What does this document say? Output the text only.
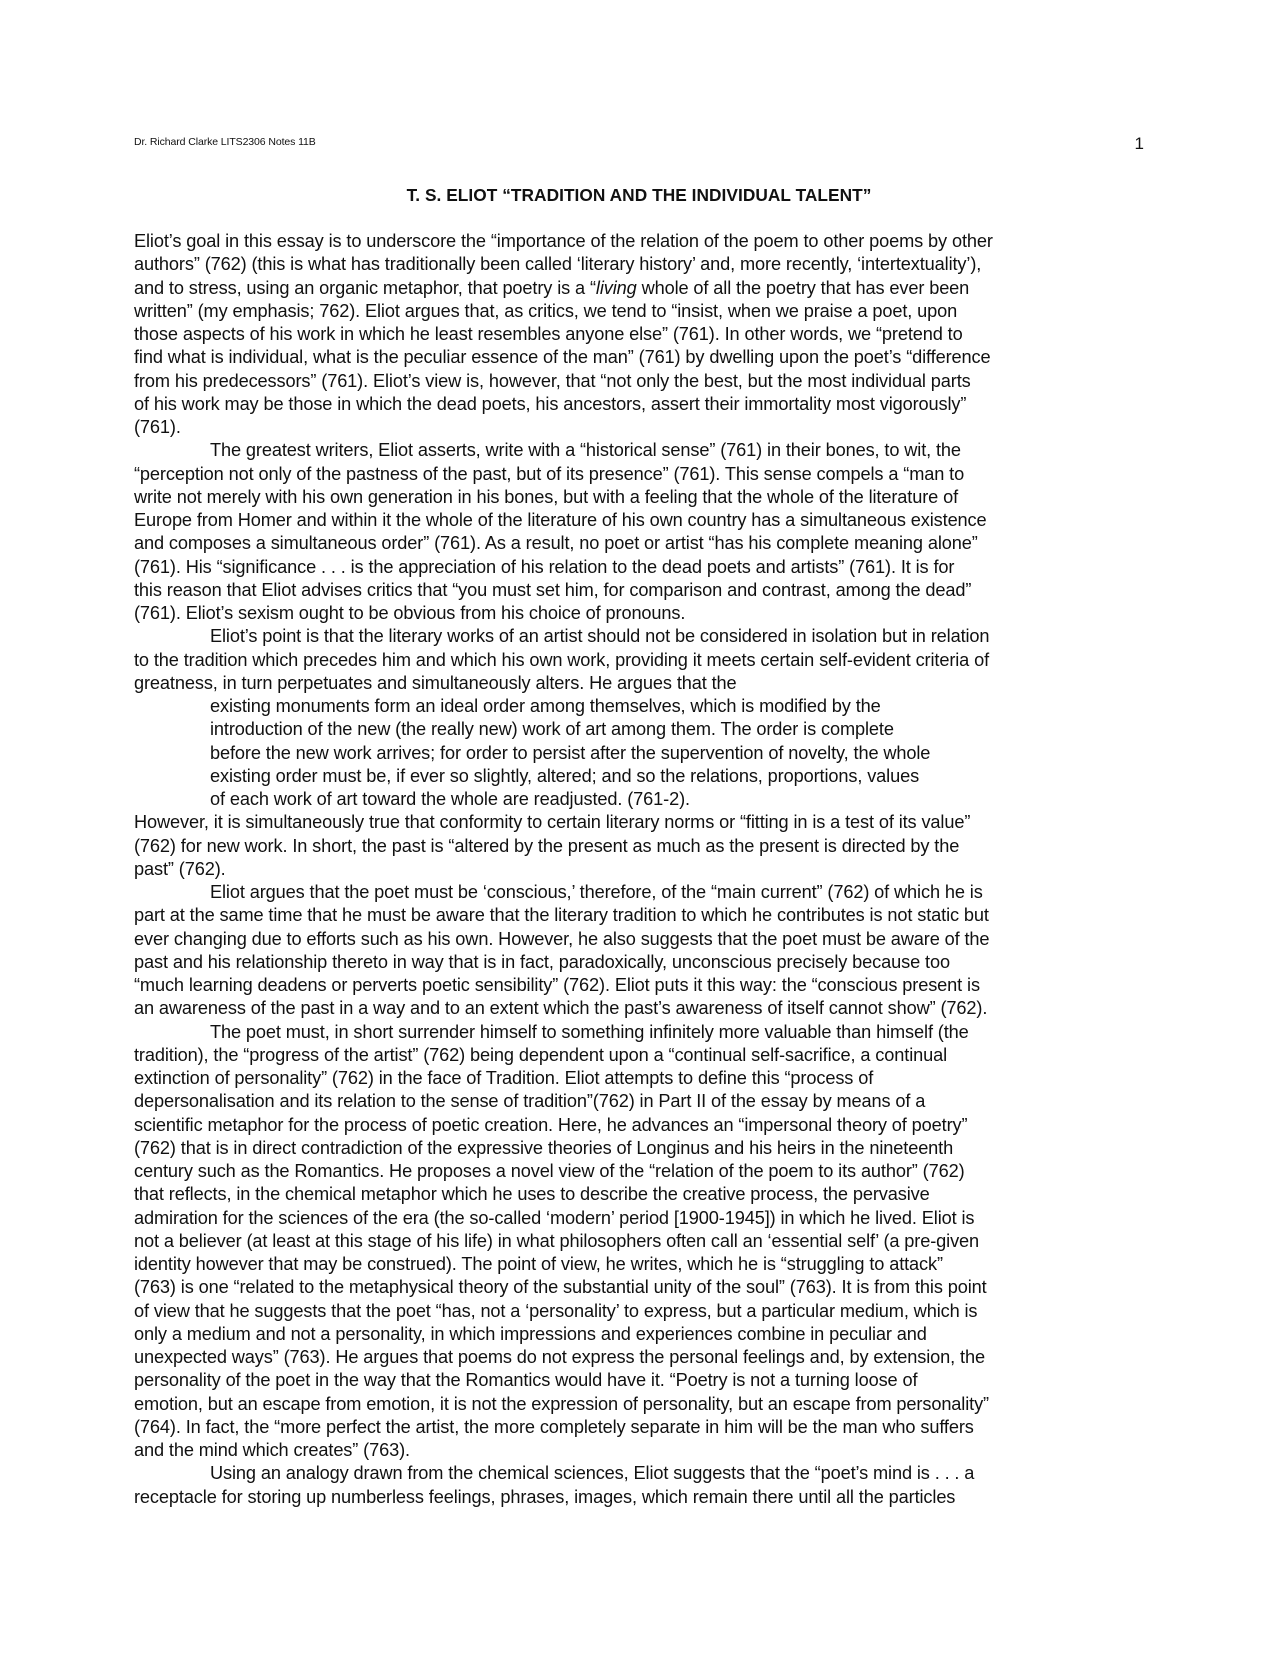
Dr. Richard Clarke LITS2306 Notes 11B	1
T. S. ELIOT “TRADITION AND THE INDIVIDUAL TALENT”
Eliot’s goal in this essay is to underscore the “importance of the relation of the poem to other poems by other
authors” (762) (this is what has traditionally been called ‘literary history’ and, more recently, ‘intertextuality’),
and to stress, using an organic metaphor, that poetry is a “living whole of all the poetry that has ever been
written” (my emphasis; 762). Eliot argues that, as critics, we tend to “insist, when we praise a poet, upon
those aspects of his work in which he least resembles anyone else” (761). In other words, we “pretend to
find what is individual, what is the peculiar essence of the man” (761) by dwelling upon the poet’s “difference
from his predecessors” (761). Eliot’s view is, however, that “not only the best, but the most individual parts
of his work may be those in which the dead poets, his ancestors, assert their immortality most vigorously”
(761).
The greatest writers, Eliot asserts, write with a “historical sense” (761) in their bones, to wit, the
“perception not only of the pastness of the past, but of its presence” (761). This sense compels a “man to
write not merely with his own generation in his bones, but with a feeling that the whole of the literature of
Europe from Homer and within it the whole of the literature of his own country has a simultaneous existence
and composes a simultaneous order” (761). As a result, no poet or artist “has his complete meaning alone”
(761). His “significance . . . is the appreciation of his relation to the dead poets and artists” (761). It is for
this reason that Eliot advises critics that “you must set him, for comparison and contrast, among the dead”
(761). Eliot’s sexism ought to be obvious from his choice of pronouns.
Eliot’s point is that the literary works of an artist should not be considered in isolation but in relation
to the tradition which precedes him and which his own work, providing it meets certain self-evident criteria of
greatness, in turn perpetuates and simultaneously alters. He argues that the
existing monuments form an ideal order among themselves, which is modified by the
introduction of the new (the really new) work of art among them. The order is complete
before the new work arrives; for order to persist after the supervention of novelty, the whole
existing order must be, if ever so slightly, altered; and so the relations, proportions, values
of each work of art toward the whole are readjusted. (761-2).
However, it is simultaneously true that conformity to certain literary norms or “fitting in is a test of its value”
(762) for new work. In short, the past is “altered by the present as much as the present is directed by the
past” (762).
Eliot argues that the poet must be ‘conscious,’ therefore, of the “main current” (762) of which he is
part at the same time that he must be aware that the literary tradition to which he contributes is not static but
ever changing due to efforts such as his own. However, he also suggests that the poet must be aware of the
past and his relationship thereto in way that is in fact, paradoxically, unconscious precisely because too
“much learning deadens or perverts poetic sensibility” (762). Eliot puts it this way: the “conscious present is
an awareness of the past in a way and to an extent which the past’s awareness of itself cannot show” (762).
The poet must, in short surrender himself to something infinitely more valuable than himself (the
tradition), the “progress of the artist” (762) being dependent upon a “continual self-sacrifice, a continual
extinction of personality” (762) in the face of Tradition. Eliot attempts to define this “process of
depersonalisation and its relation to the sense of tradition”(762) in Part II of the essay by means of a
scientific metaphor for the process of poetic creation. Here, he advances an “impersonal theory of poetry”
(762) that is in direct contradiction of the expressive theories of Longinus and his heirs in the nineteenth
century such as the Romantics. He proposes a novel view of the “relation of the poem to its author” (762)
that reflects, in the chemical metaphor which he uses to describe the creative process, the pervasive
admiration for the sciences of the era (the so-called ‘modern’ period [1900-1945]) in which he lived. Eliot is
not a believer (at least at this stage of his life) in what philosophers often call an ‘essential self’ (a pre-given
identity however that may be construed). The point of view, he writes, which he is “struggling to attack”
(763) is one “related to the metaphysical theory of the substantial unity of the soul” (763). It is from this point
of view that he suggests that the poet “has, not a ‘personality’ to express, but a particular medium, which is
only a medium and not a personality, in which impressions and experiences combine in peculiar and
unexpected ways” (763). He argues that poems do not express the personal feelings and, by extension, the
personality of the poet in the way that the Romantics would have it. “Poetry is not a turning loose of
emotion, but an escape from emotion, it is not the expression of personality, but an escape from personality”
(764). In fact, the “more perfect the artist, the more completely separate in him will be the man who suffers
and the mind which creates” (763).
Using an analogy drawn from the chemical sciences, Eliot suggests that the “poet’s mind is . . . a
receptacle for storing up numberless feelings, phrases, images, which remain there until all the particles
